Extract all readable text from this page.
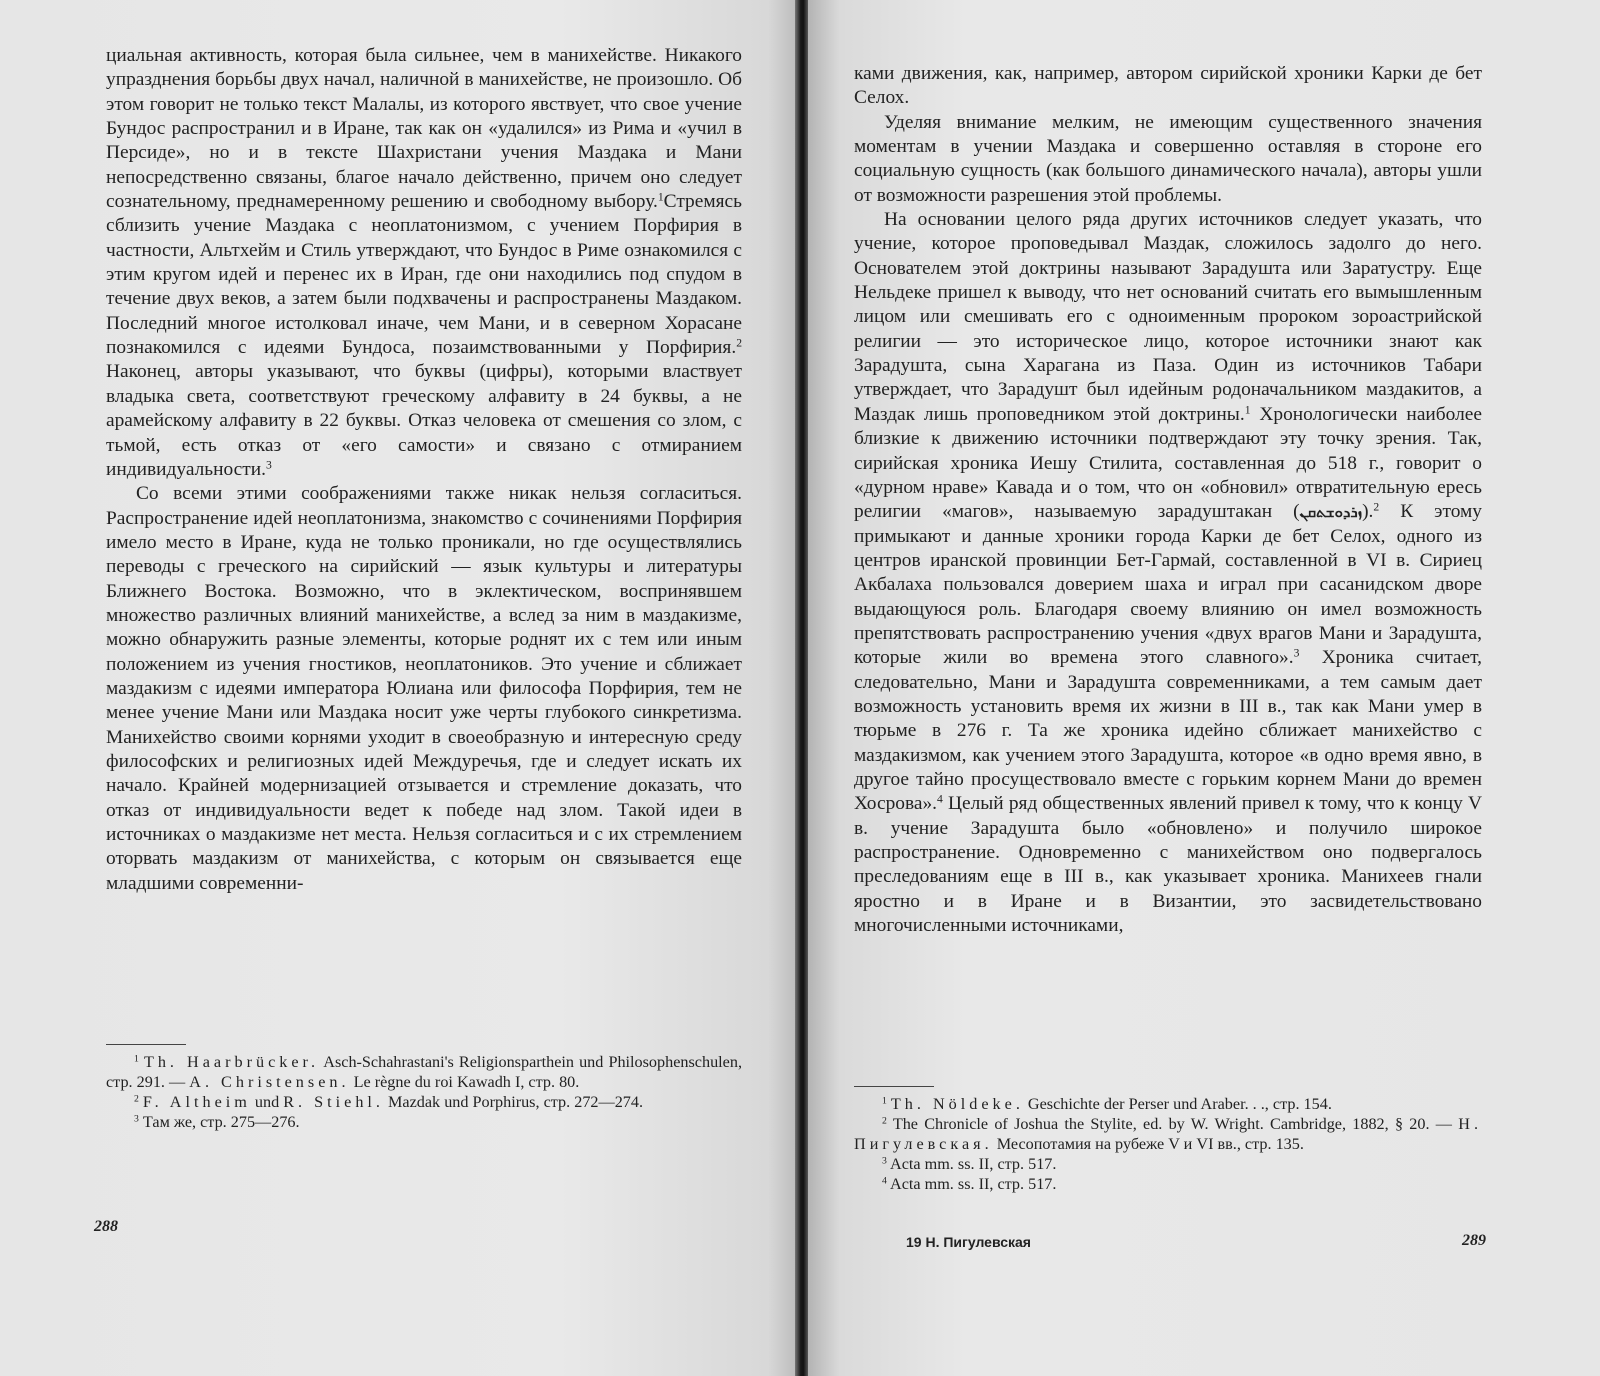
циальная активность, которая была сильнее, чем в манихействе. Никакого упразднения борьбы двух начал, наличной в манихействе, не произошло. Об этом говорит не только текст Малалы, из которого явствует, что свое учение Бундос распространил и в Иране, так как он «удалился» из Рима и «учил в Персиде», но и в тексте Шахристани учения Маздака и Мани непосредственно связаны, благое начало действенно, причем оно следует сознательному, преднамеренному решению и свободному выбору.$^1$Стремясь сблизить учение Маздака с неоплатонизмом, с учением Порфирия в частности, Альтхейм и Стиль утверждают, что Бундос в Риме ознакомился с этим кругом идей и перенес их в Иран, где они находились под спудом в течение двух веков, а затем были подхвачены и распространены Маздаком. Последний многое истолковал иначе, чем Мани, и в северном Хорасане познакомился с идеями Бундоса, позаимствованными у Порфирия.$^2$ Наконец, авторы указывают, что буквы (цифры), которыми властвует владыка света, соответствуют греческому алфавиту в 24 буквы, а не арамейскому алфавиту в 22 буквы. Отказ человека от смешения со злом, с тьмой, есть отказ от «его самости» и связано с отмиранием индивидуальности.$^3$

Со всеми этими соображениями также никак нельзя согласиться. Распространение идей неоплатонизма, знакомство с сочинениями Порфирия имело место в Иране, куда не только проникали, но где осуществлялись переводы с греческого на сирийский — язык культуры и литературы Ближнего Востока. Возможно, что в эклектическом, воспринявшем множество различных влияний манихействе, а вслед за ним в маздакизме, можно обнаружить разные элементы, которые роднят их с тем или иным положением из учения гностиков, неоплатоников. Это учение и сближает маздакизм с идеями императора Юлиана или философа Порфирия, тем не менее учение Мани или Маздака носит уже черты глубокого синкретизма. Манихейство своими корнями уходит в своеобразную и интересную среду философских и религиозных идей Междуречья, где и следует искать их начало. Крайней модернизацией отзывается и стремление доказать, что отказ от индивидуальности ведет к победе над злом. Такой идеи в источниках о маздакизме нет места. Нельзя согласиться и с их стремлением оторвать маздакизм от манихейства, с которым он связывается еще младшими современни-

$^1$ Th. Haarbrücker. Asch-Schahrastani's Religionsparthein und Philosophenschulen, стр. 291. — A. Christensen. Le règne du roi Kawadh I, стр. 80.

$^2$ F. Altheim und R. Stiehl. Mazdak und Porphirus, стр. 272—274.

$^3$ Там же, стр. 275—276.

288

ками движения, как, например, автором сирийской хроники Карки де бет Селох.

Уделяя внимание мелким, не имеющим существенного значения моментам в учении Маздака и совершенно оставляя в стороне его социальную сущность (как большого динамического начала), авторы ушли от возможности разрешения этой проблемы.

На основании целого ряда других источников следует указать, что учение, которое проповедывал Маздак, сложилось задолго до него. Основателем этой доктрины называют Зарадушта или Заратустру. Еще Нельдеке пришел к выводу, что нет оснований считать его вымышленным лицом или смешивать его с одноименным пророком зороастрийской религии — это историческое лицо, которое источники знают как Зарадушта, сына Харагана из Паза. Один из источников Табари утверждает, что Зарадушт был идейным родоначальником маздакитов, а Маздак лишь проповедником этой доктрины.$^1$ Хронологически наиболее близкие к движению источники подтверждают эту точку зрения. Так, сирийская хроника Иешу Стилита, составленная до 518 г., говорит о «дурном нраве» Кавада и о том, что он «обновил» отвратительную ересь религии «магов», называемую зарадуштакан (ܙܪܕܘܫܬܩܢ).$^2$ К этому примыкают и данные хроники города Карки де бет Селох, одного из центров иранской провинции Бет-Гармай, составленной в VI в. Сириец Акбалаха пользовался доверием шаха и играл при сасанидском дворе выдающуюся роль. Благодаря своему влиянию он имел возможность препятствовать распространению учения «двух врагов Мани и Зарадушта, которые жили во времена этого славного».$^3$ Хроника считает, следовательно, Мани и Зарадушта современниками, а тем самым дает возможность установить время их жизни в III в., так как Мани умер в тюрьме в 276 г. Та же хроника идейно сближает манихейство с маздакизмом, как учением этого Зарадушта, которое «в одно время явно, в другое тайно просуществовало вместе с горьким корнем Мани до времен Хосрова».$^4$ Целый ряд общественных явлений привел к тому, что к концу V в. учение Зарадушта было «обновлено» и получило широкое распространение. Одновременно с манихейством оно подвергалось преследованиям еще в III в., как указывает хроника. Манихеев гнали яростно и в Иране и в Византии, это засвидетельствовано многочисленными источниками,

$^1$ Th. Nöldeke. Geschichte der Perser und Araber. . ., стр. 154.

$^2$ The Chronicle of Joshua the Stylite, ed. by W. Wright. Cambridge, 1882, § 20. — Н. Пигулевская. Месопотамия на рубеже V и VI вв., стр. 135.

$^3$ Acta mm. ss. II, стр. 517.

$^4$ Acta mm. ss. II, стр. 517.

19 Н. Пигулевская	289
